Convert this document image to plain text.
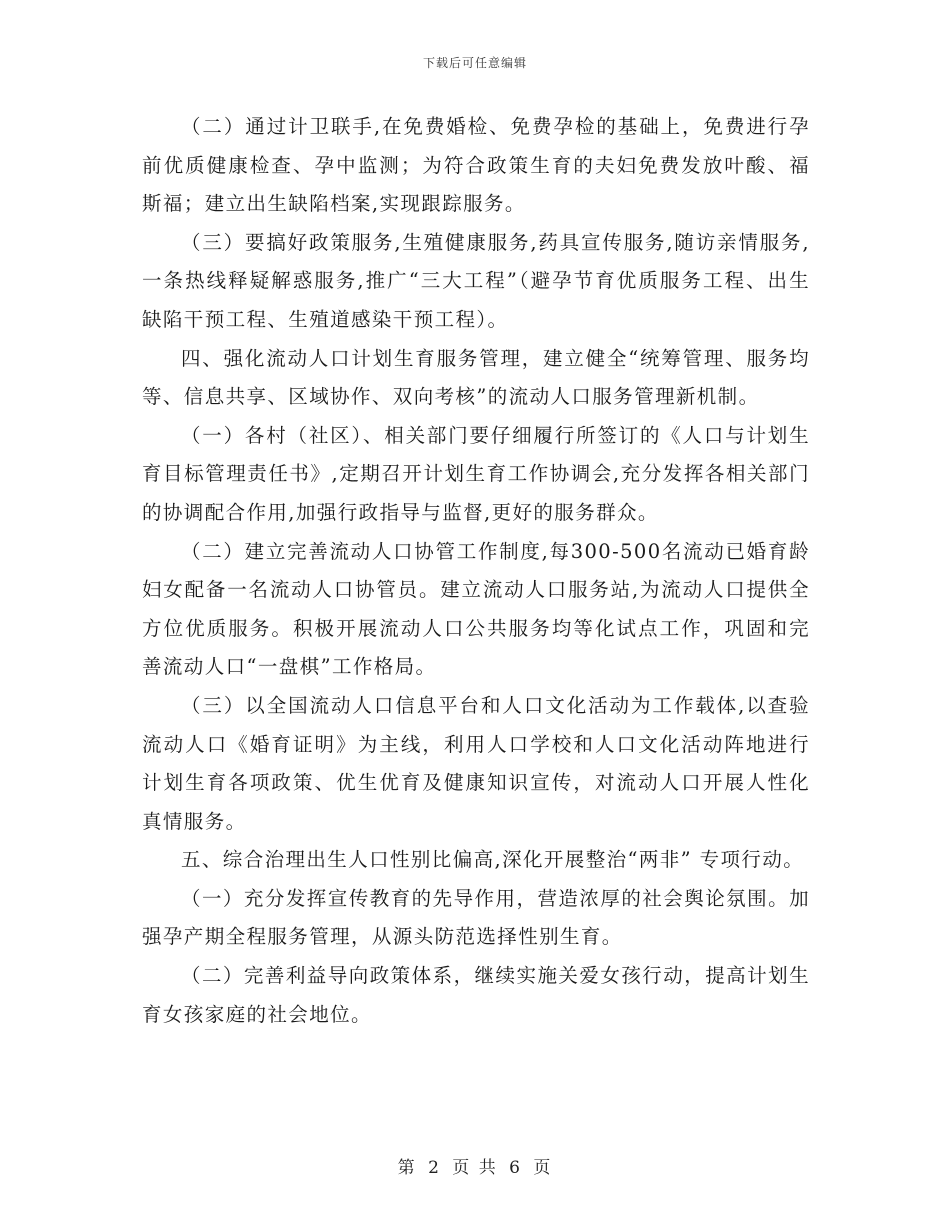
下载后可任意编辑

（二）通过计卫联手,在免费婚检、免费孕检的基础上，免费进行孕前优质健康检查、孕中监测；为符合政策生育的夫妇免费发放叶酸、福斯福；建立出生缺陷档案,实现跟踪服务。

（三）要搞好政策服务,生殖健康服务,药具宣传服务,随访亲情服务,一条热线释疑解惑服务,推广“三大工程”（避孕节育优质服务工程、出生缺陷干预工程、生殖道感染干预工程）。

四、强化流动人口计划生育服务管理，建立健全“统筹管理、服务均等、信息共享、区域协作、双向考核”的流动人口服务管理新机制。

（一）各村（社区）、相关部门要仔细履行所签订的《人口与计划生育目标管理责任书》,定期召开计划生育工作协调会,充分发挥各相关部门的协调配合作用,加强行政指导与监督,更好的服务群众。

（二）建立完善流动人口协管工作制度,每300-500名流动已婚育龄妇女配备一名流动人口协管员。建立流动人口服务站,为流动人口提供全方位优质服务。积极开展流动人口公共服务均等化试点工作，巩固和完善流动人口“一盘棋”工作格局。

（三）以全国流动人口信息平台和人口文化活动为工作载体,以查验流动人口《婚育证明》为主线，利用人口学校和人口文化活动阵地进行计划生育各项政策、优生优育及健康知识宣传，对流动人口开展人性化真情服务。

五、综合治理出生人口性别比偏高,深化开展整治“两非” 专项行动。

（一）充分发挥宣传教育的先导作用，营造浓厚的社会舆论氛围。加强孕产期全程服务管理，从源头防范选择性别生育。

（二）完善利益导向政策体系，继续实施关爱女孩行动，提高计划生育女孩家庭的社会地位。

第 2 页 共 6 页
